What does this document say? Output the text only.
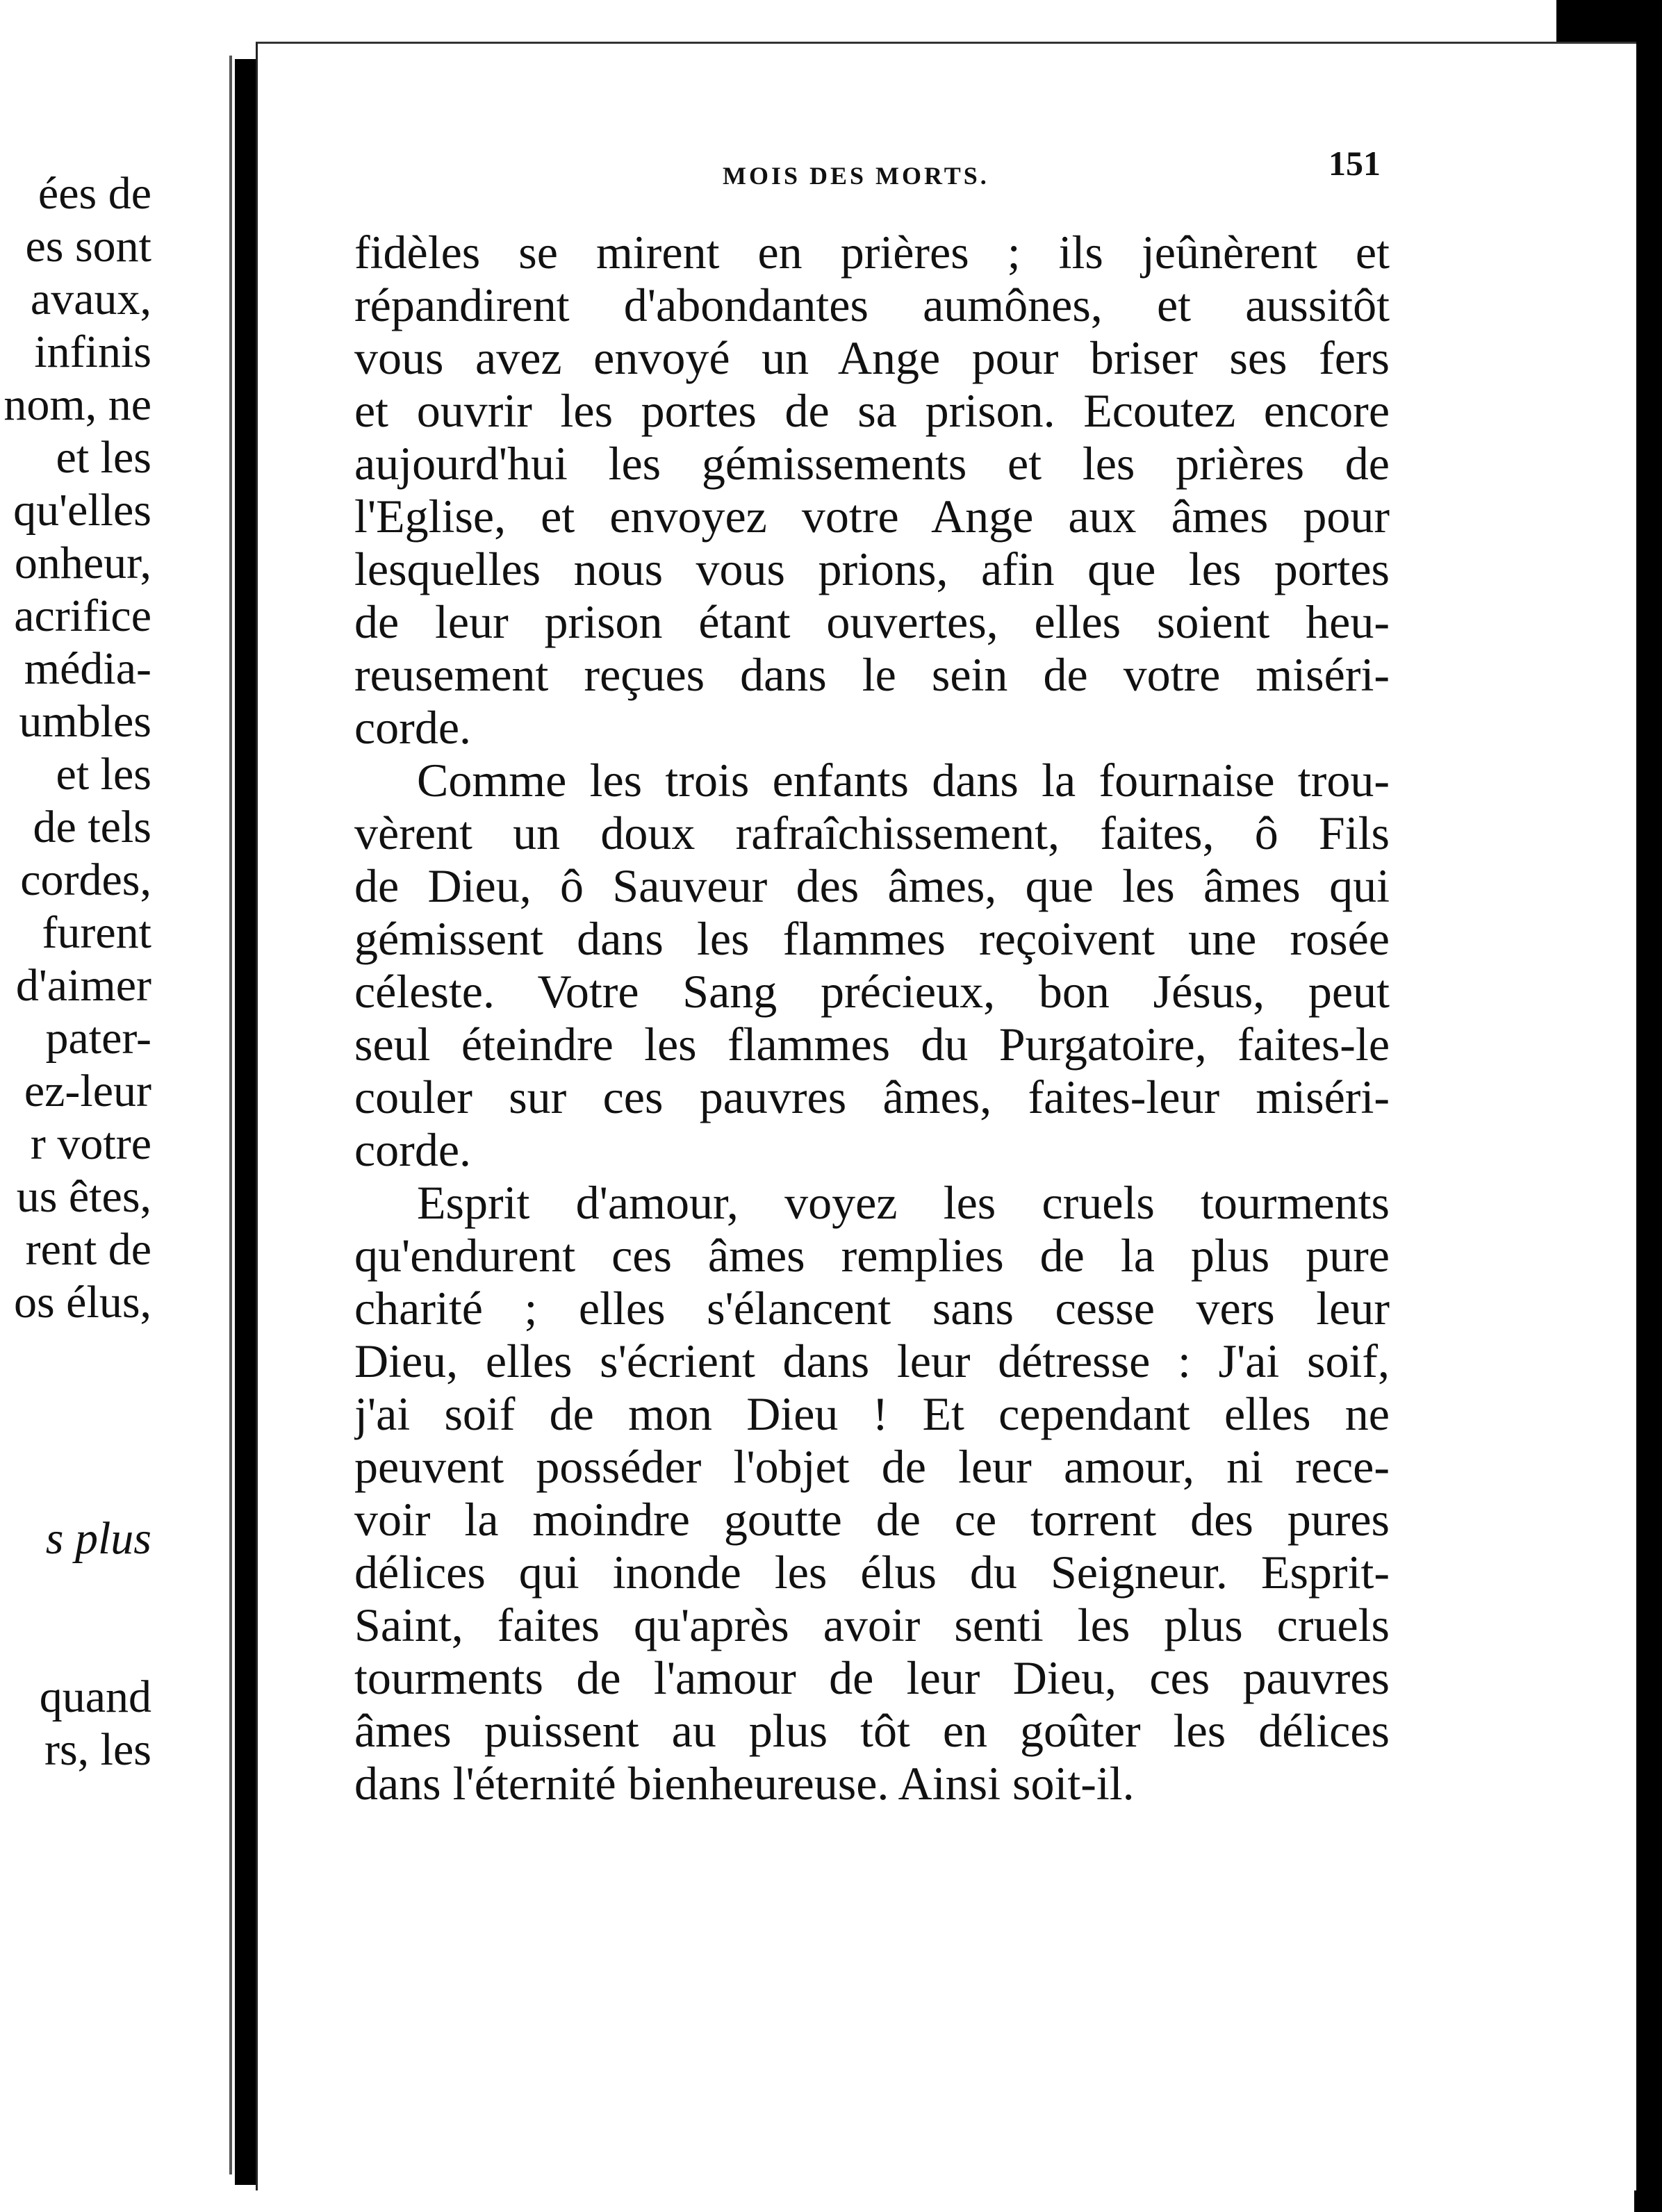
ées de
es sont
avaux,
infinis
nom, ne
et les
qu'elles
onheur,
acrifice
média-
umbles
et les
de tels
cordes,
furent
d'aimer
pater-
ez-leur
r votre
us êtes,
rent de
os élus,
s plus
quand
rs, les
MOIS DES MORTS.	151
fidèles se mirent en prières ; ils jeûnèrent et
répandirent d'abondantes aumônes, et aussitôt
vous avez envoyé un Ange pour briser ses fers
et ouvrir les portes de sa prison. Ecoutez encore
aujourd'hui les gémissements et les prières de
l'Eglise, et envoyez votre Ange aux âmes pour
lesquelles nous vous prions, afin que les portes
de leur prison étant ouvertes, elles soient heu-
reusement reçues dans le sein de votre miséri-
corde.
Comme les trois enfants dans la fournaise trou-
vèrent un doux rafraîchissement, faites, ô Fils
de Dieu, ô Sauveur des âmes, que les âmes qui
gémissent dans les flammes reçoivent une rosée
céleste. Votre Sang précieux, bon Jésus, peut
seul éteindre les flammes du Purgatoire, faites-le
couler sur ces pauvres âmes, faites-leur miséri-
corde.
Esprit d'amour, voyez les cruels tourments
qu'endurent ces âmes remplies de la plus pure
charité ; elles s'élancent sans cesse vers leur
Dieu, elles s'écrient dans leur détresse : J'ai soif,
j'ai soif de mon Dieu ! Et cependant elles ne
peuvent posséder l'objet de leur amour, ni rece-
voir la moindre goutte de ce torrent des pures
délices qui inonde les élus du Seigneur. Esprit-
Saint, faites qu'après avoir senti les plus cruels
tourments de l'amour de leur Dieu, ces pauvres
âmes puissent au plus tôt en goûter les délices
dans l'éternité bienheureuse. Ainsi soit-il.
